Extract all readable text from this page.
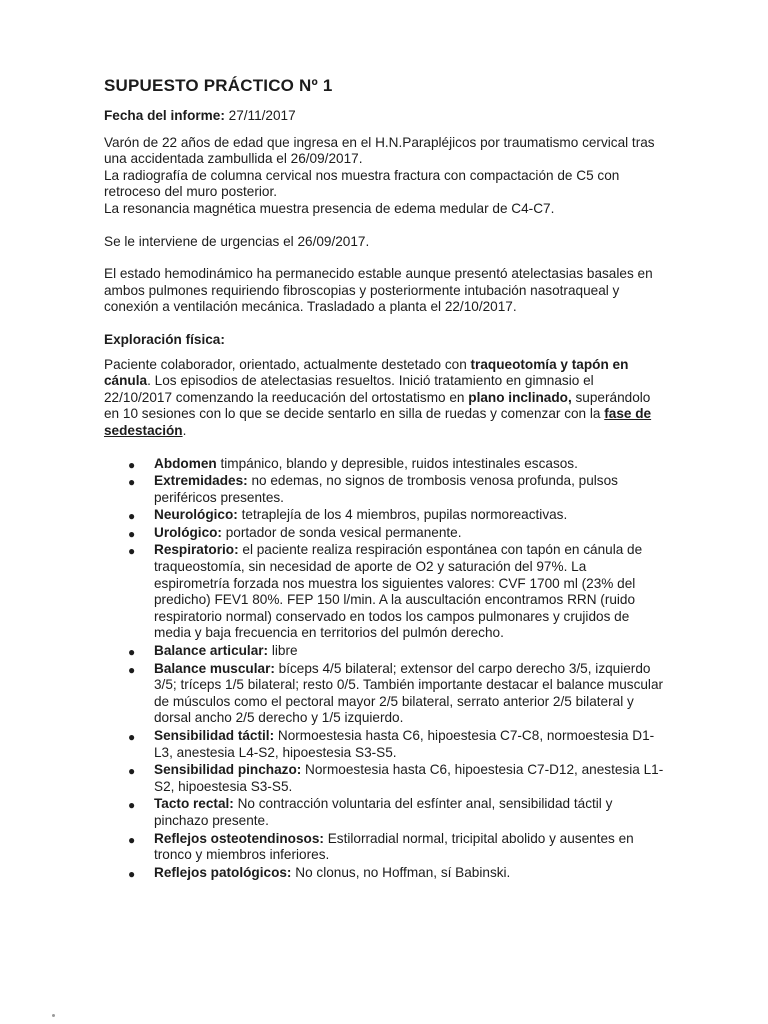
SUPUESTO PRÁCTICO Nº 1
Fecha del informe: 27/11/2017

Varón de 22 años de edad que ingresa en el H.N.Parapléjicos por traumatismo cervical tras una accidentada zambullida el 26/09/2017.
La radiografía de columna cervical nos muestra fractura con compactación de C5 con retroceso del muro posterior.
La resonancia magnética muestra presencia de edema medular de C4-C7.

Se le interviene de urgencias el 26/09/2017.

El estado hemodinámico ha permanecido estable aunque presentó atelectasias basales en ambos pulmones requiriendo fibroscopias y posteriormente intubación nasotraqueal y conexión a ventilación mecánica. Trasladado a planta el 22/10/2017.

Exploración física:

Paciente colaborador, orientado, actualmente destetado con traqueotomía y tapón en cánula. Los episodios de atelectasias resueltos. Inició tratamiento en gimnasio el 22/10/2017 comenzando la reeducación del ortostatismo en plano inclinado, superándolo en 10 sesiones con lo que se decide sentarlo en silla de ruedas y comenzar con la fase de sedestación.

● Abdomen timpánico, blando y depresible, ruidos intestinales escasos.
● Extremidades: no edemas, no signos de trombosis venosa profunda, pulsos periféricos presentes.
● Neurológico: tetraplejía de los 4 miembros, pupilas normoreactivas.
● Urológico: portador de sonda vesical permanente.
● Respiratorio: el paciente realiza respiración espontánea con tapón en cánula de traqueostomía, sin necesidad de aporte de O2 y saturación del 97%. La espirometría forzada nos muestra los siguientes valores: CVF 1700 ml (23% del predicho) FEV1 80%. FEP 150 l/min. A la auscultación encontramos RRN (ruido respiratorio normal) conservado en todos los campos pulmonares y crujidos de media y baja frecuencia en territorios del pulmón derecho.
● Balance articular: libre
● Balance muscular: bíceps 4/5 bilateral; extensor del carpo derecho 3/5, izquierdo 3/5; tríceps 1/5 bilateral; resto 0/5. También importante destacar el balance muscular de músculos como el pectoral mayor 2/5 bilateral, serrato anterior 2/5 bilateral y dorsal ancho 2/5 derecho y 1/5 izquierdo.
● Sensibilidad táctil: Normoestesia hasta C6, hipoestesia C7-C8, normoestesia D1-L3, anestesia L4-S2, hipoestesia S3-S5.
● Sensibilidad pinchazo: Normoestesia hasta C6, hipoestesia C7-D12, anestesia L1-S2, hipoestesia S3-S5.
● Tacto rectal: No contracción voluntaria del esfínter anal, sensibilidad táctil y pinchazo presente.
● Reflejos osteotendinosos: Estilorradial normal, tricipital abolido y ausentes en tronco y miembros inferiores.
● Reflejos patológicos: No clonus, no Hoffman, sí Babinski.
